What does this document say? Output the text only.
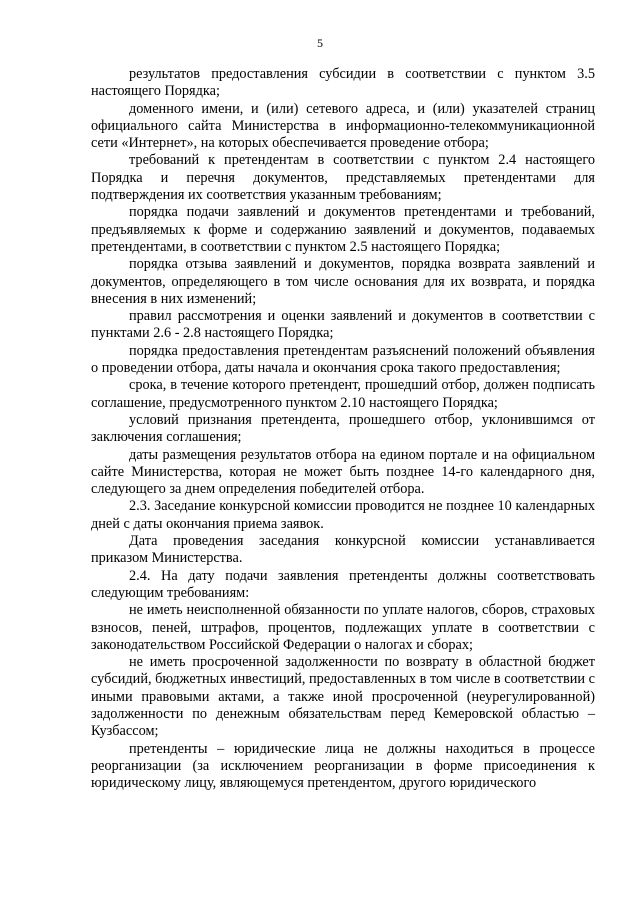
5

результатов предоставления субсидии в соответствии с пунктом 3.5 настоящего Порядка;

доменного имени, и (или) сетевого адреса, и (или) указателей страниц официального сайта Министерства в информационно-телекоммуникационной сети «Интернет», на которых обеспечивается проведение отбора;

требований к претендентам в соответствии с пунктом 2.4 настоящего Порядка и перечня документов, представляемых претендентами для подтверждения их соответствия указанным требованиям;

порядка подачи заявлений и документов претендентами и требований, предъявляемых к форме и содержанию заявлений и документов, подаваемых претендентами, в соответствии с пунктом 2.5 настоящего Порядка;

порядка отзыва заявлений и документов, порядка возврата заявлений и документов, определяющего в том числе основания для их возврата, и порядка внесения в них изменений;

правил рассмотрения и оценки заявлений и документов в соответствии с пунктами 2.6 - 2.8 настоящего Порядка;

порядка предоставления претендентам разъяснений положений объявления о проведении отбора, даты начала и окончания срока такого предоставления;

срока, в течение которого претендент, прошедший отбор, должен подписать соглашение, предусмотренного пунктом 2.10 настоящего Порядка;

условий признания претендента, прошедшего отбор, уклонившимся от заключения соглашения;

даты размещения результатов отбора на едином портале и на официальном сайте Министерства, которая не может быть позднее 14-го календарного дня, следующего за днем определения победителей отбора.

2.3. Заседание конкурсной комиссии проводится не позднее 10 календарных дней с даты окончания приема заявок.

Дата проведения заседания конкурсной комиссии устанавливается приказом Министерства.

2.4. На дату подачи заявления претенденты должны соответствовать следующим требованиям:

не иметь неисполненной обязанности по уплате налогов, сборов, страховых взносов, пеней, штрафов, процентов, подлежащих уплате в соответствии с законодательством Российской Федерации о налогах и сборах;

не иметь просроченной задолженности по возврату в областной бюджет субсидий, бюджетных инвестиций, предоставленных в том числе в соответствии с иными правовыми актами, а также иной просроченной (неурегулированной) задолженности по денежным обязательствам перед Кемеровской областью – Кузбассом;

претенденты – юридические лица не должны находиться в процессе реорганизации (за исключением реорганизации в форме присоединения к юридическому лицу, являющемуся претендентом, другого юридического
